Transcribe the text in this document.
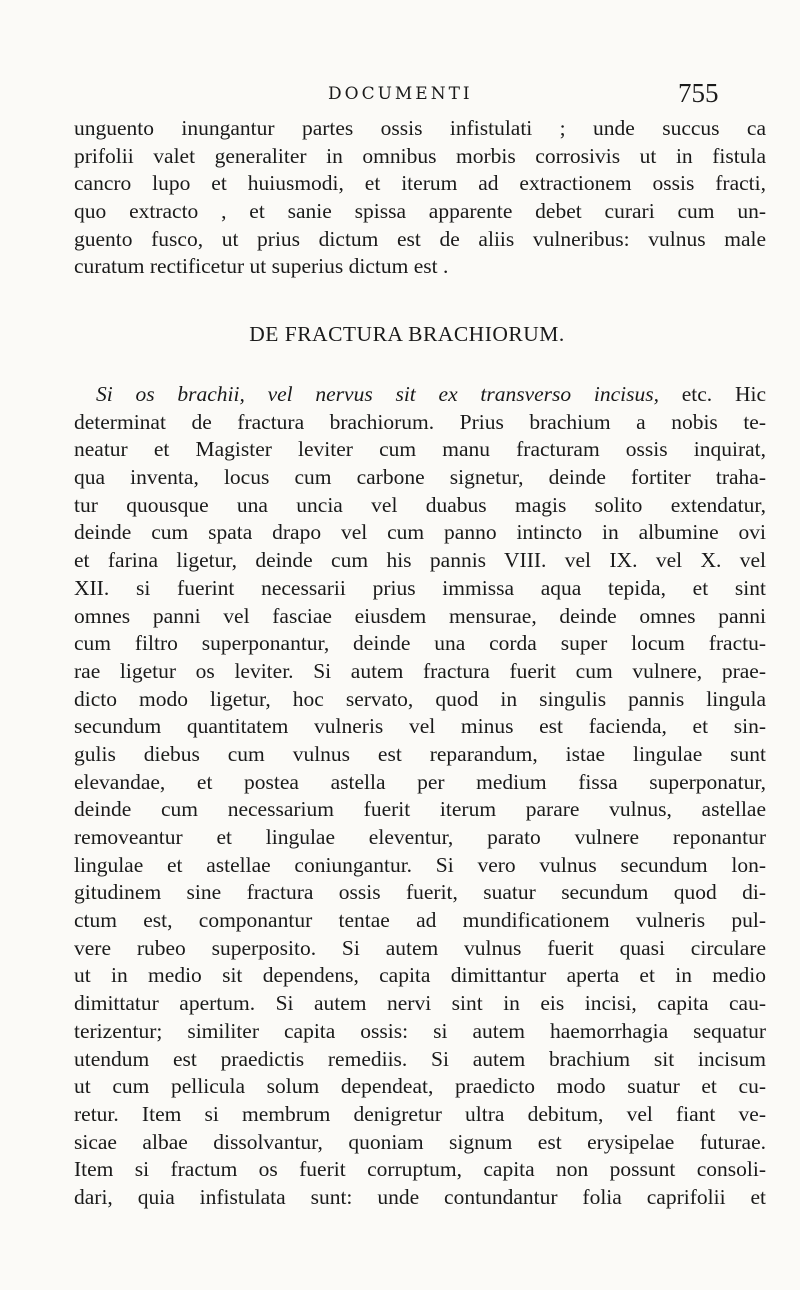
DOCUMENTI	755
unguento inungantur partes ossis infistulati ; unde succus ca
prifolii valet generaliter in omnibus morbis corrosivis ut in fistula
cancro lupo et huiusmodi, et iterum ad extractionem ossis fracti,
quo extracto , et sanie spissa apparente debet curari cum un-
guento fusco, ut prius dictum est de aliis vulneribus: vulnus male
curatum rectificetur ut superius dictum est .
DE FRACTURA BRACHIORUM.
Si os brachii, vel nervus sit ex transverso incisus, etc. Hic
determinat de fractura brachiorum. Prius brachium a nobis te-
neatur et Magister leviter cum manu fracturam ossis inquirat,
qua inventa, locus cum carbone signetur, deinde fortiter traha-
tur quousque una uncia vel duabus magis solito extendatur,
deinde cum spata drapo vel cum panno intincto in albumine ovi
et farina ligetur, deinde cum his pannis VIII. vel IX. vel X. vel
XII. si fuerint necessarii prius immissa aqua tepida, et sint
omnes panni vel fasciae eiusdem mensurae, deinde omnes panni
cum filtro superponantur, deinde una corda super locum fractu-
rae ligetur os leviter. Si autem fractura fuerit cum vulnere, prae-
dicto modo ligetur, hoc servato, quod in singulis pannis lingula
secundum quantitatem vulneris vel minus est facienda, et sin-
gulis diebus cum vulnus est reparandum, istae lingulae sunt
elevandae, et postea astella per medium fissa superponatur,
deinde cum necessarium fuerit iterum parare vulnus, astellae
removeantur et lingulae eleventur, parato vulnere reponantur
lingulae et astellae coniungantur. Si vero vulnus secundum lon-
gitudinem sine fractura ossis fuerit, suatur secundum quod di-
ctum est, componantur tentae ad mundificationem vulneris pul-
vere rubeo superposito. Si autem vulnus fuerit quasi circulare
ut in medio sit dependens, capita dimittantur aperta et in medio
dimittatur apertum. Si autem nervi sint in eis incisi, capita cau-
terizentur; similiter capita ossis: si autem haemorrhagia sequatur
utendum est praedictis remediis. Si autem brachium sit incisum
ut cum pellicula solum dependeat, praedicto modo suatur et cu-
retur. Item si membrum denigretur ultra debitum, vel fiant ve-
sicae albae dissolvantur, quoniam signum est erysipelae futurae.
Item si fractum os fuerit corruptum, capita non possunt consoli-
dari, quia infistulata sunt: unde contundantur folia caprifolii et
